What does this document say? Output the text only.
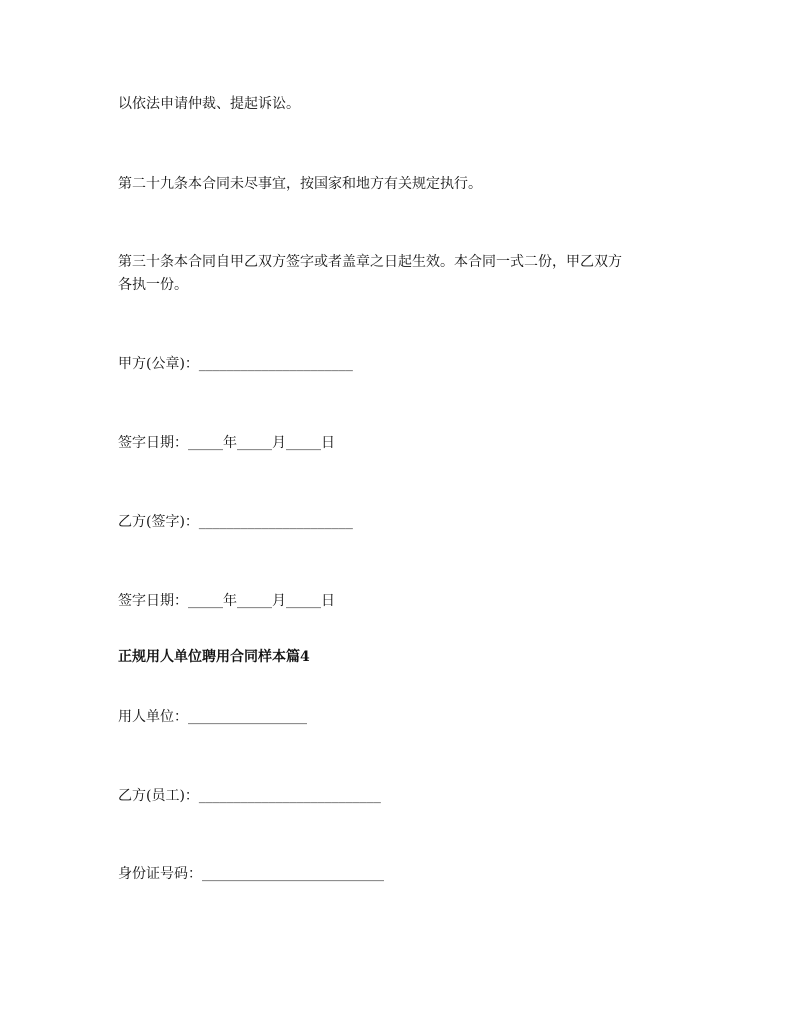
以依法申请仲裁、提起诉讼。
第二十九条本合同未尽事宜，按国家和地方有关规定执行。
第三十条本合同自甲乙双方签字或者盖章之日起生效。本合同一式二份，甲乙双方
各执一份。
甲方(公章)：______________________
签字日期：_____年_____月_____日
乙方(签字)：______________________
签字日期：_____年_____月_____日
正规用人单位聘用合同样本篇4
用人单位：_________________
乙方(员工)：__________________________
身份证号码：__________________________
